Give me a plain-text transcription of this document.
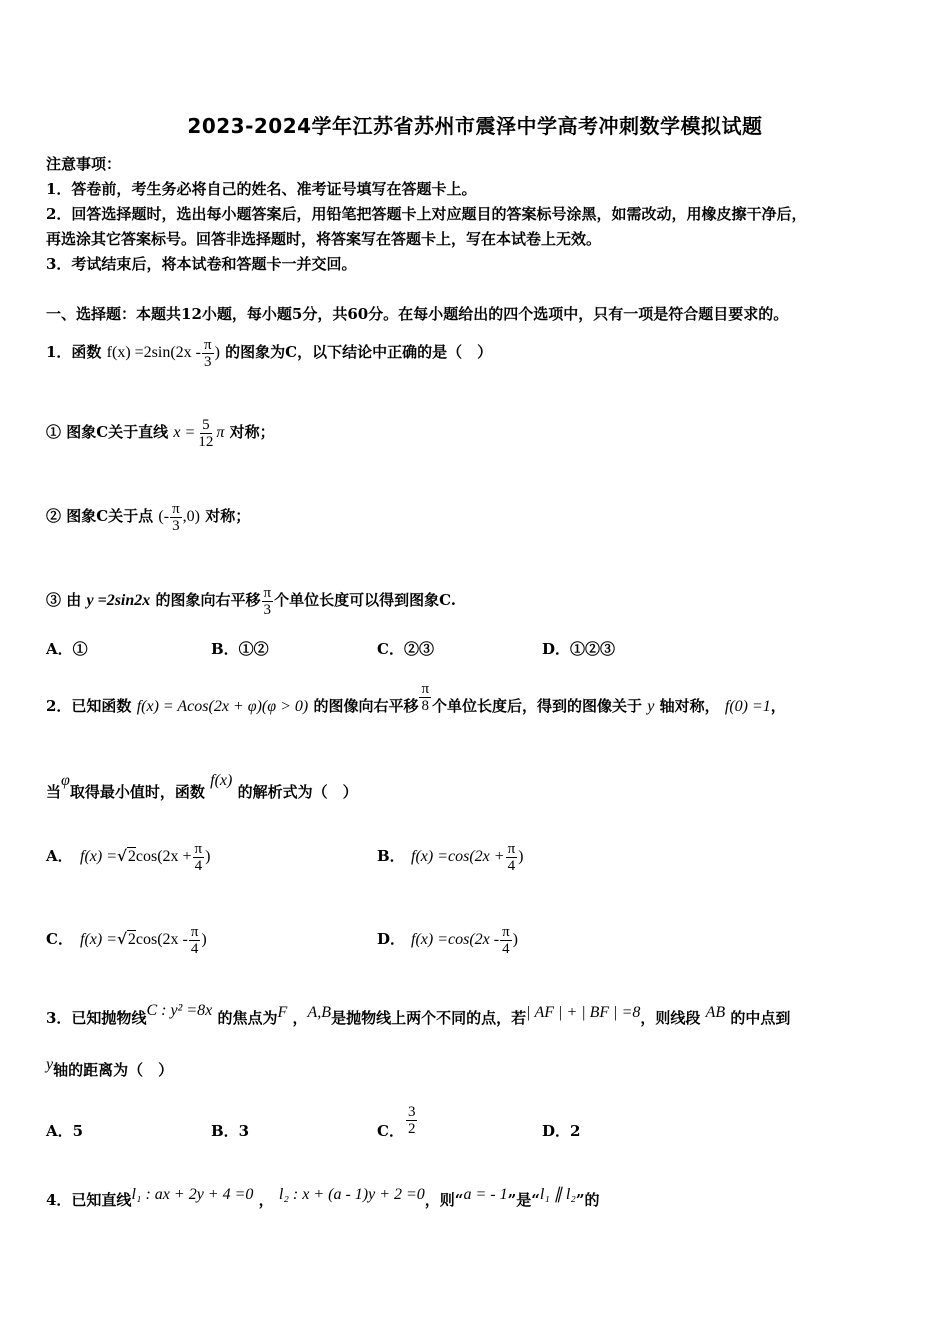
2023-2024学年江苏省苏州市震泽中学高考冲刺数学模拟试题
注意事项：
1．答卷前，考生务必将自己的姓名、准考证号填写在答题卡上。
2．回答选择题时，选出每小题答案后，用铅笔把答题卡上对应题目的答案标号涂黑，如需改动，用橡皮擦干净后，
再选涂其它答案标号。回答非选择题时，将答案写在答题卡上，写在本试卷上无效。
3．考试结束后，将本试卷和答题卡一并交回。
一、选择题：本题共12小题，每小题5分，共60分。在每小题给出的四个选项中，只有一项是符合题目要求的。
1．函数 $f(x) =2\sin(2x - \frac{\pi}{3}$ ) 的图象为C，以下结论中正确的是（　）
① 图象C关于直线 $x = \frac{5}{12}$ π 对称；
② 图象C关于点 (- $\frac{\pi}{3} ,0$) 对称；
③ 由 y =2sin2x 的图象向右平移 $\frac{\pi}{3}$ 个单位长度可以得到图象C.
A．①	B．①②	C．②③	D．①②③
2．已知函数 f(x) = Acos(2x + φ)(φ > 0) 的图像向右平移 $\frac{\pi}{8}$ 个单位长度后，得到的图像关于 y 轴对称， f(0) =1，
当φ取得最小值时，函数 f(x) 的解析式为（　）
A． $f(x) =√2\cos(2x + \frac{\pi}{4}$ )	B． $f(x) =\cos(2x + \frac{\pi}{4}$ )
C． $f(x) =√2\cos(2x - \frac{\pi}{4}$ )	D． $f(x) =\cos(2x - \frac{\pi}{4}$ )
3．已知抛物线C : y² =8x 的焦点为F ，A,B是抛物线上两个不同的点，若| AF | + | BF | =8，则线段 AB 的中点到
y轴的距离为（　）
A．5	B．3	C． $\frac{3}{2}$	D．2
4．已知直线l₁ : ax + 2y + 4 =0 ， l₂ : x + (a - 1)y + 2 =0，则“a = - 1”是“l₁ ∥ l₂”的
